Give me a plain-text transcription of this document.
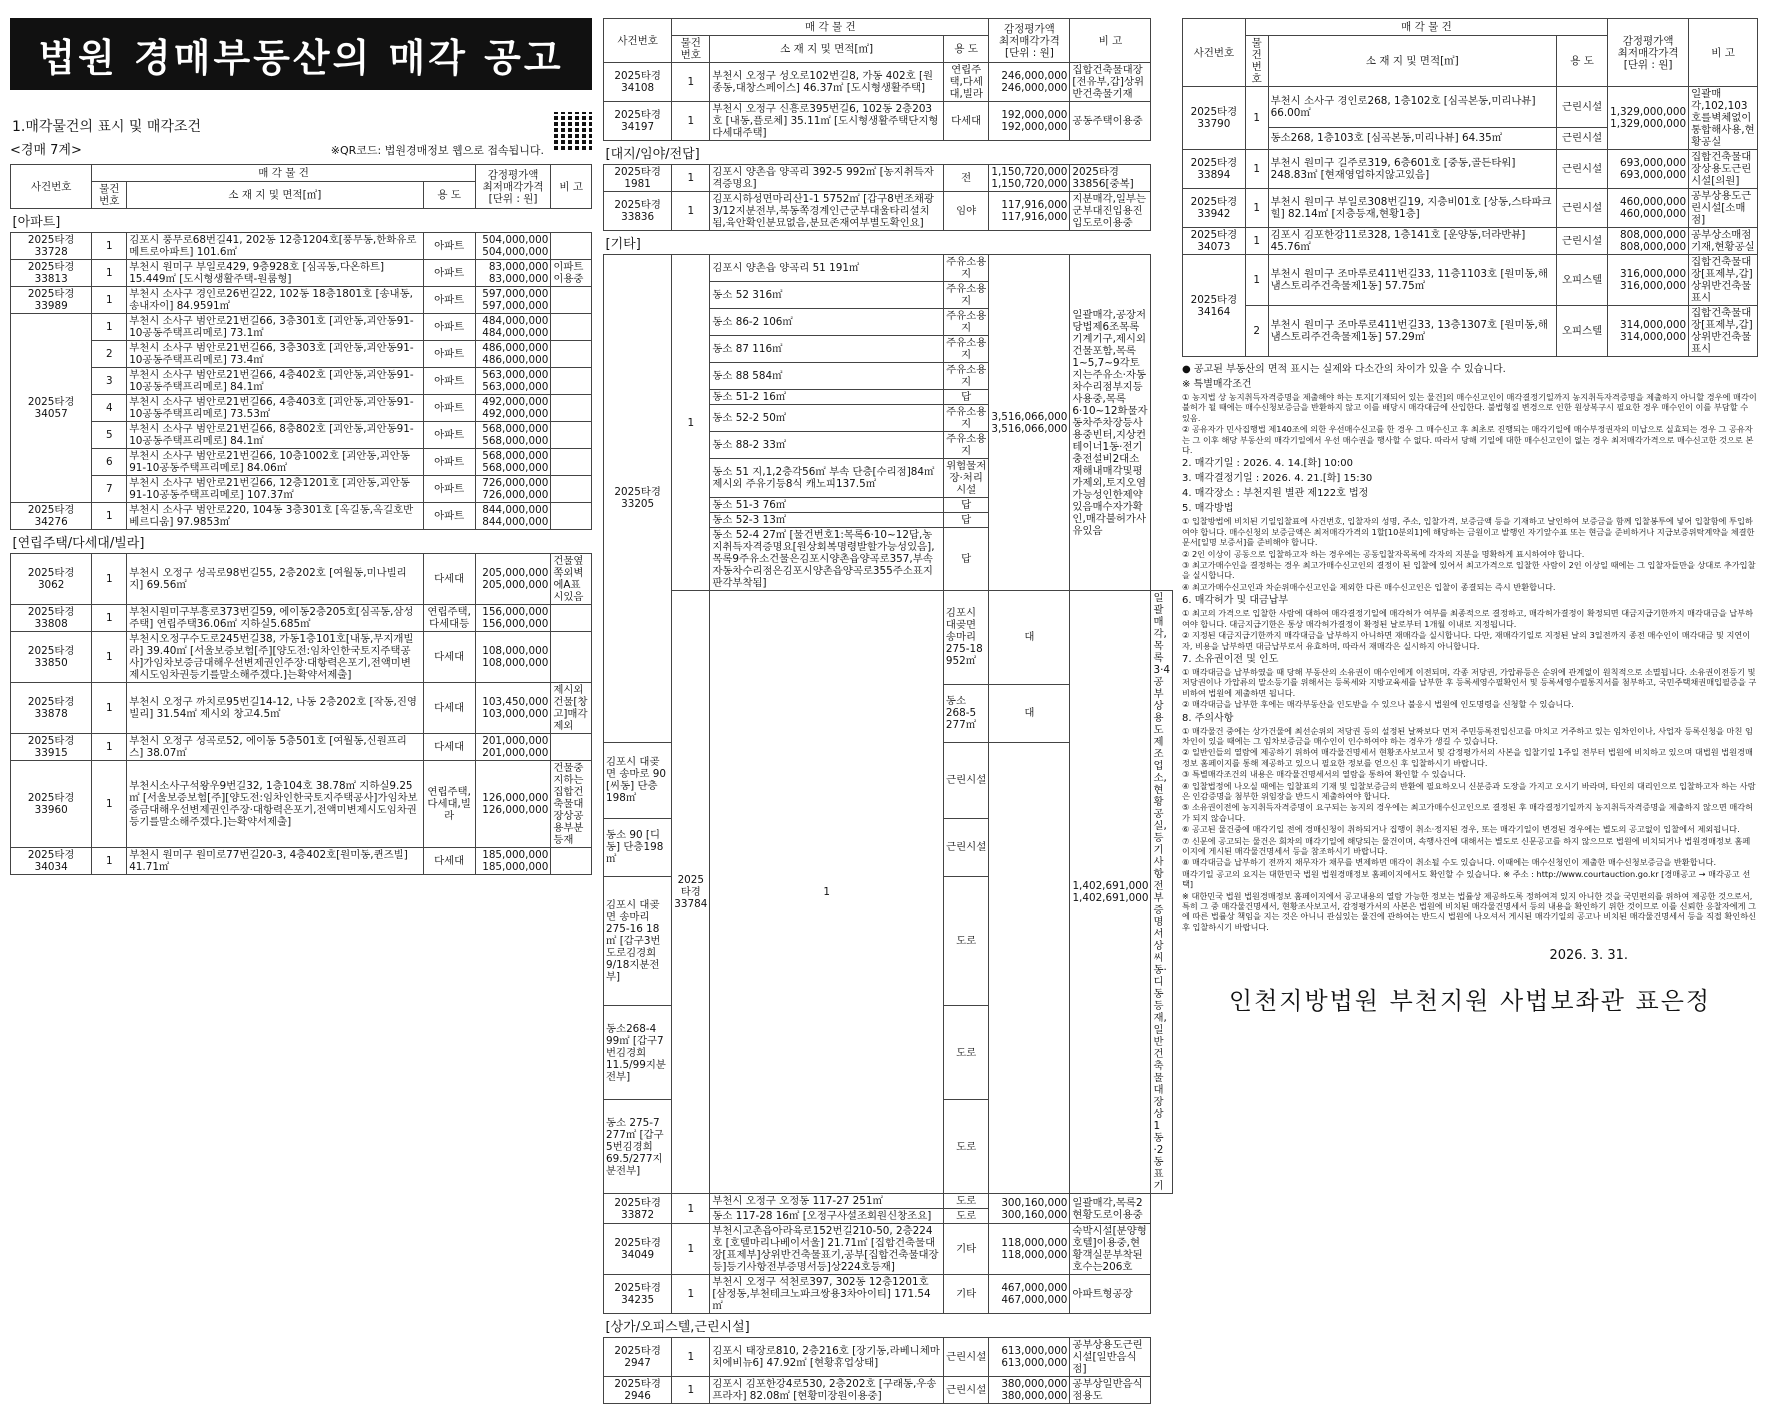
법원 경매부동산의 매각 공고
1.매각물건의 표시 및 매각조건
<경매 7계>	※QR코드: 법원경매정보 웹으로 접속됩니다.
사건번호	매 각 물 건			감정평가액
최저매각가격
[단위 : 원]	비 고
	물건번호	소 재 지 및 면적[㎡]	용 도		
[아파트]					
2025타경
33728	1	김포시 풍무로68번길41, 202동 12층1204호[풍무동,한화유로메트로아파트] 101.6㎡	아파트	504,000,000
504,000,000	
2025타경
33813	1	부천시 원미구 부일로429, 9층928호 [심곡동,다온하트] 15.449㎡ [도시형생활주택-원룸형]	아파트	83,000,000
83,000,000	이파트이용중
2025타경
33989	1	부천시 소사구 경인로26번길22, 102동 18층1801호 [송내동,송내자이] 84.9591㎡	아파트	597,000,000
597,000,000	
2025타경
34057	1	부천시 소사구 범안로21번길66, 3층301호 [괴안동,괴안동91-10공동주택프리메로] 73.1㎡	아파트	484,000,000
484,000,000	
	2	부천시 소사구 범안로21번길66, 3층303호 [괴안동,괴안동91-10공동주택프리메로] 73.4㎡	아파트	486,000,000
486,000,000	
	3	부천시 소사구 범안로21번길66, 4층402호 [괴안동,괴안동91-10공동주택프리메로] 84.1㎡	아파트	563,000,000
563,000,000	
	4	부천시 소사구 범안로21번길66, 4층403호 [괴안동,괴안동91-10공동주택프리메로] 73.53㎡	아파트	492,000,000
492,000,000	
	5	부천시 소사구 범안로21번길66, 8층802호 [괴안동,괴안동91-10공동주택프리메로] 84.1㎡	아파트	568,000,000
568,000,000	
	6	부천시 소사구 범안로21번길66, 10층1002호 [괴안동,괴안동91-10공동주택프리메로] 84.06㎡	아파트	568,000,000
568,000,000	
	7	부천시 소사구 범안로21번길66, 12층1201호 [괴안동,괴안동91-10공동주택프리메로] 107.37㎡	아파트	726,000,000
726,000,000	
2025타경
34276	1	부천시 소사구 범안로220, 104동 3층301호 [옥길동,옥길호반베르디움] 97.9853㎡	아파트	844,000,000
844,000,000	
[연립주택/다세대/빌라]					
2025타경
3062	1	부천시 오정구 성곡로98번길55, 2층202호 [여월동,미나빌리지] 69.56㎡	다세대	205,000,000
205,000,000	건물옆쪽외벽에A표시있음
2025타경
33808	1	부천시원미구부흥로373번길59, 에이동2층205호[심곡동,삼성주택] 연립주택36.06㎡ 지하실5.685㎡	연립주택,다세대등	156,000,000
156,000,000	
2025타경
33850	1	부천시오정구수도로245번길38, 가동1층101호[내동,무지개빌라] 39.40㎡ [서울보증보험[주][양도전:임차인한국토지주택공사]가임차보증금대해우선변제권인주장·대항력은포기,전액미변제시도임차권등기를말소해주겠다.]는확약서제출]	다세대	108,000,000
108,000,000	
2025타경
33878	1	부천시 오정구 까치로95번길14-12, 나동 2층202호 [작동,진영빌리] 31.54㎡ 제시외 창고4.5㎡	다세대	103,450,000
103,000,000	제시외건물[창고]매각제외
2025타경
33915	1	부천시 오정구 성곡로52, 에이동 5층501호 [여월동,신원프리스] 38.07㎡	다세대	201,000,000
201,000,000	
2025타경
33960	1	부천시소사구석왕우9번길32, 1층104호 38.78㎡ 지하실9.25㎡ [서울보증보험[주][양도전:임차인한국토지주택공사]가임차보증금대해우선변제권인주장·대항력은포기,전액미변제시도임차권등기를말소해주겠다.]는확약서제출]	연립주택,다세대,빌라	126,000,000
126,000,000	건물중지하는집합건축물대장상공용부분등재
2025타경
34034	1	부천시 원미구 원미로77번길20-3, 4층402호[원미동,퀸즈빌] 41.71㎡	다세대	185,000,000
185,000,000	
사건번호	매 각 물 건			감정평가액
최저매각가격
[단위 : 원]	비 고	
	물건
번호	소 재 지 및 면적[㎡]	용 도			
2025타경
34108	1	부천시 오정구 성오로102번길8, 가동 402호 [원종동,대창스페이스] 46.37㎡ [도시형생활주택]	연립주택,다세대,빌라	246,000,000
246,000,000	집합건축물대장[전유부,갑]상위반건축물기재	
2025타경
34197	1	부천시 오정구 신흥로395번길6, 102동 2층203호 [내동,플로체] 35.11㎡ [도시형생활주택단지형다세대주택]	다세대	192,000,000
192,000,000	공동주택이용중	
[대지/임야/전답]						
2025타경
1981	1	김포시 양촌읍 양곡리 392-5 992㎡ [농지취득자격증명요]	전	1,150,720,000
1,150,720,000	2025타경33856[중복]	
2025타경
33836	1	김포시하성면마리산1-1 5752㎡ [갑구8번조채광3/12지분전부,북동쪽경계인근군부대울타리설치됨,육안확인분묘없음,분묘존재여부별도확인요]	임야	117,916,000
117,916,000	지분매각,일부는군부대진입용진입도로이용중	
[기타]						
2025타경
33205	1	김포시 양촌읍 양곡리 51 191㎡	주유소용지	3,516,066,000
3,516,066,000	일괄매각,공장저당법제6조목록기계기구,제시외건물포함,목록1~5,7~9각토지는주유소·자동차수리점부지등사용중,목록6·10~12화물자동차주차장등사용중빈터,지상컨테이너1동·전기충전설비2대소재해내매각및평가제외,토지오염가능성인한제약있음매수자가확인,매각불허가사유있음	
		동소 52 316㎡	주유소용지			
		동소 86-2 106㎡	주유소용지			
		동소 87 116㎡	주유소용지			
		동소 88 584㎡	주유소용지			
		동소 51-2 16㎡	답			
		동소 52-2 50㎡	주유소용지			
		동소 88-2 33㎡	주유소용지			
		동소 51 지,1,2층각56㎡ 부속 단층[수리점]84㎡ 제시외 주유기등8식 캐노피137.5㎡	위험물저장·처리시설			
		동소 51-3 76㎡	답			
		동소 52-3 13㎡	답			
		동소 52-4 27㎡ [물건번호1:목록6·10~12답,농지취득자격증명요[원상회복명령발할가능성있음],목록9주유소건물은김포시양촌읍양곡로357,부속자동차수리점은김포시양촌읍양곡로355주소표지판각부착됨]	답			
	2025타경
33784	1	김포시 대곶면 송마리 275-18 952㎡	대	1,402,691,000
1,402,691,000	일괄매각,목록3·4공부상용도제조업소,현황공실,등기사항전부증명서상씨동·디동등재,일반건축물대장상1동·2동표기
			동소 268-5 277㎡	대		
김포시 대곶면 송마로 90 [씨동] 단층198㎡			근린시설			
동소 90 [디동] 단층198㎡			근린시설			
김포시 대곶면 송마리 275-16 18㎡ [갑구3번도로김경희9/18지분전부]			도로			
동소268-4 99㎡ [갑구7번김경희11.5/99지분전부]			도로			
동소 275-7 277㎡ [갑구5번김경희69.5/277지분전부]			도로			
2025타경
33872	1	부천시 오정구 오정동 117-27 251㎡	도로	300,160,000
300,160,000	일괄매각,목록2현황도로이용중	
		동소 117-28 16㎡ [오정구사설조회원신창조요]	도로			
2025타경
34049	1	부천시고촌읍아라육로152번길210-50, 2층224호 [호텔마리나베이서울] 21.71㎡ [집합건축물대장[표제부]상위반건축물표기,공부[집합건축물대장등]등기사항전부증명서등]상224호등재]	기타	118,000,000
118,000,000	숙박시설[분양형호텔]이용중,현황객실문부착된호수는206호	
2025타경
34235	1	부천시 오정구 석천로397, 302동 12층1201호 [삼정동,부천테크노파크쌍용3차아이티] 171.54㎡	기타	467,000,000
467,000,000	아파트형공장	
[상가/오피스텔,근린시설]						
2025타경
2947	1	김포시 태장로810, 2층216호 [장기동,라베니체마치에비뉴6] 47.92㎡ [현황휴업상태]	근린시설	613,000,000
613,000,000	공부상용도근린시설[일반음식점]	
2025타경
2946	1	김포시 김포한강4로530, 2층202호 [구래동,우송프라자] 82.08㎡ [현황미장원이용중]	근린시설	380,000,000
380,000,000	공부상일반음식점용도	
사건번호	매 각 물 건			감정평가액
최저매각가격
[단위 : 원]	비 고
	물건
번호	소 재 지 및 면적[㎡]	용 도		
2025타경
33790	1	부천시 소사구 경인로268, 1층102호 [심곡본동,미리나뷰] 66.00㎡	근린시설	1,329,000,000
1,329,000,000	일괄매각,102,103호를벽체없이통합해사용,현황공실
		동소268, 1층103호 [심곡본동,미리나뷰] 64.35㎡	근린시설		
2025타경
33894	1	부천시 원미구 길주로319, 6층601호 [중동,골든타워] 248.83㎡ [현재영업하지않고있음]	근린시설	693,000,000
693,000,000	집합건축물대장상용도근린시설[의원]
2025타경
33942	1	부천시 원미구 부일로308번길19, 지층비01호 [상동,스타파크힐] 82.14㎡ [지층등재,현황1층]	근린시설	460,000,000
460,000,000	공부상용도근린시설[소매점]
2025타경
34073	1	김포시 김포한강11로328, 1층141호 [운양동,더라반뷰] 45.76㎡	근린시설	808,000,000
808,000,000	공부상소매점기재,현황공실
2025타경
34164	1	부천시 원미구 조마루로411번길33, 11층1103호 [원미동,해냄스토리주건축물제1동] 57.75㎡	오피스텔	316,000,000
316,000,000	집합건축물대장[표제부,갑]상위반건축물표시
	2	부천시 원미구 조마루로411번길33, 13층1307호 [원미동,해냄스토리주건축물제1동] 57.29㎡	오피스텔	314,000,000
314,000,000	집합건축물대장[표제부,갑]상위반건축물표시

● 공고된 부동산의 면적 표시는 실제와 다소간의 차이가 있을 수 있습니다.

※ 특별매각조건

① 농지법 상 농지취득자격증명을 제출해야 하는 토지[기재되어 있는 물건]의 매수신고인이 매각결정기일까지 농지취득자격증명을 제출하지 아니할 경우에 매각이 불허가 될 때에는 매수신청보증금을 반환하지 않고 이를 배당시 매각대금에 산입한다. 불법형질 변경으로 인한 원상복구시 필요한 경우 매수인이 이를 부담할 수 있음.

② 공유자가 민사집행법 제140조에 의한 우선매수신고를 한 경우 그 매수신고 후 최초로 진행되는 매각기일에 매수부정권자의 미납으로 실효되는 경우 그 공유자는 그 이후 해당 부동산의 매각기일에서 우선 매수권을 행사할 수 없다. 따라서 당해 기일에 대한 매수신고인이 없는 경우 최저매각가격으로 매수신고한 것으로 본다.

2. 매각기일 : 2026. 4. 14.[화] 10:00

3. 매각결정기일 : 2026. 4. 21.[화] 15:30

4. 매각장소 : 부천지원 별관 제122호 법정

5. 매각방법

① 입찰방법에 비치된 기일입찰표에 사건번호, 입찰자의 성명, 주소, 입찰가격, 보증금액 등을 기재하고 날인하여 보증금을 함께 입찰봉투에 넣어 입찰함에 투입하여야 합니다. 매수신청의 보증금액은 최저매각가격의 1할[10분의1]에 해당하는 금원이고 발행인 자기앞수표 또는 현금을 준비하거나 지급보증위탁계약을 체결한 문서[일명 보증서]를 준비해야 합니다.

② 2인 이상이 공동으로 입찰하고자 하는 경우에는 공동입찰자목록에 각자의 지분을 명확하게 표시하여야 합니다.

③ 최고가매수인을 결정하는 경우 최고가매수신고인의 결정이 된 입찰에 있어서 최고가격으로 입찰한 사람이 2인 이상일 때에는 그 입찰자들만을 상대로 추가입찰을 실시합니다.

④ 최고가매수신고인과 차순위매수신고인을 제외한 다른 매수신고인은 입찰이 종결되는 즉시 반환합니다.

6. 매각허가 및 대금납부

① 최고의 가격으로 입찰한 사람에 대하여 매각결정기일에 매각허가 여부를 최종적으로 결정하고, 매각허가결정이 확정되면 대금지급기한까지 매각대금을 납부하여야 합니다. 대금지급기한은 통상 매각허가결정이 확정된 날로부터 1개월 이내로 지정됩니다.

② 지정된 대금지급기한까지 매각대금을 납부하지 아니하면 재매각을 실시합니다. 다만, 재매각기일로 지정된 날의 3일전까지 종전 매수인이 매각대금 및 지연이자, 비용을 납부하면 대금납부로서 유효하며, 따라서 재매각은 실시하지 아니합니다.

7. 소유권이전 및 인도

① 매각대금을 납부하였을 때 당해 부동산의 소유권이 매수인에게 이전되며, 각종 저당권, 가압류등은 순위에 관계없이 원칙적으로 소멸됩니다. 소유권이전등기 및 저당권이나 가압류의 말소등기를 위해서는 등록세와 지방교육세를 납부한 후 등록세영수필확인서 및 등록세영수필통지서를 첨부하고, 국민주택채권매입필증을 구비하여 법원에 제출하면 됩니다.

② 매각대금을 납부한 후에는 매각부동산을 인도받을 수 있으나 불응시 법원에 인도명령을 신청할 수 있습니다.

8. 주의사항

① 매각물건 중에는 상가건물에 최선순위의 저당권 등의 설정된 날짜보다 먼저 주민등록전입신고를 마치고 거주하고 있는 임차인이나, 사업자 등록신청을 마친 임차인이 있을 때에는 그 임차보증금을 매수인이 인수하여야 하는 경우가 생길 수 있습니다.

② 일반인들의 열람에 제공하기 위하여 매각물건명세서 현황조사보고서 및 감정평가서의 사본을 입찰기일 1주일 전부터 법원에 비치하고 있으며 대법원 법원경매정보 홈페이지를 통해 제공하고 있으니 필요한 정보를 얻으신 후 입찰하시기 바랍니다.

③ 특별매각조건의 내용은 매각물건명세서의 열람을 통하여 확인할 수 있습니다.

④ 입찰법정에 나오실 때에는 입찰표의 기재 및 입찰보증금의 반환에 필요하오니 신분증과 도장을 가지고 오시기 바라며, 타인의 대리인으로 입찰하고자 하는 사람은 인감증명을 첨부한 위임장을 반드시 제출하여야 합니다.

⑤ 소유권이전에 농지취득자격증명이 요구되는 농지의 경우에는 최고가매수신고인으로 결정된 후 매각결정기일까지 농지취득자격증명을 제출하지 않으면 매각허가 되지 않습니다.

⑥ 공고된 물건중에 매각기일 전에 경매신청이 취하되거나 집행이 취소·정지된 경우, 또는 매각기일이 변경된 경우에는 별도의 공고없이 입찰에서 제외됩니다.

⑦ 신문에 공고되는 물건은 회차의 매각기일에 해당되는 물건이며, 속행사건에 대해서는 별도로 신문공고를 하지 않으므로 법원에 비치되거나 법원경매정보 홈페이지에 게시된 매각물건명세서 등을 참조하시기 바랍니다.

⑧ 매각대금을 납부하기 전까지 채무자가 채무를 변제하면 매각이 취소될 수도 있습니다. 이때에는 매수신청인이 제출한 매수신청보증금을 반환합니다.

매각기일 공고의 요지는 대한민국 법원 법원경매정보 홈페이지에서도 확인할 수 있습니다. ※ 주소 : http://www.courtauction.go.kr [경매공고 → 매각공고 선택]

※ 대한민국 법원 법원경매정보 홈페이지에서 공고내용의 열람 가능한 정보는 법률상 제공하도록 정하여져 있지 아니한 것을 국민편의를 위하여 제공한 것으로서, 특히 그 중 매각물건명세서, 현황조사보고서, 감정평가서의 사본은 법원에 비치된 매각물건명세서 등의 내용을 확인하기 위한 것이므로 이를 신뢰한 응찰자에게 그에 따른 법률상 책임을 지는 것은 아니니 관심있는 물건에 관하여는 반드시 법원에 나오셔서 게시된 매각기일의 공고나 비치된 매각물건명세서 등을 직접 확인하신 후 입찰하시기 바랍니다.

2026. 3. 31.
인천지방법원 부천지원 사법보좌관 표은정
